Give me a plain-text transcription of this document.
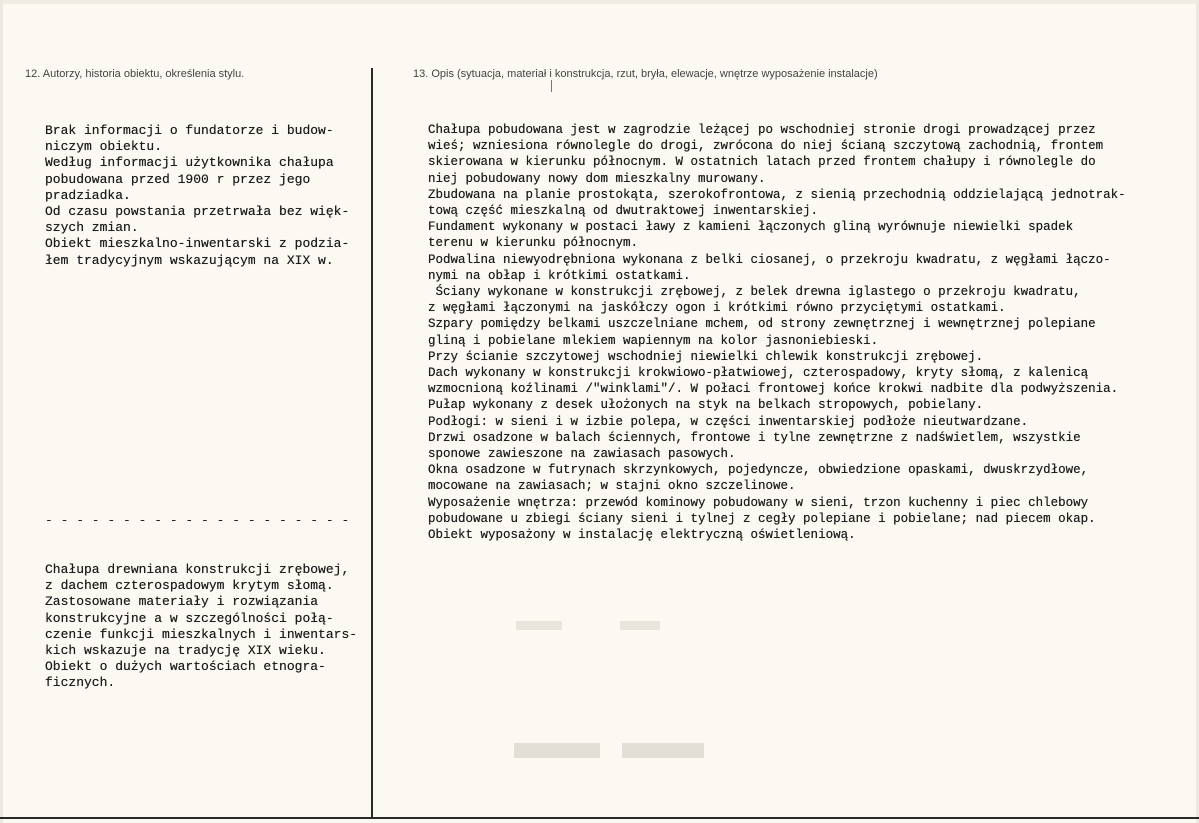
12. Autorzy, historia obiektu, określenia stylu.	13. Opis (sytuacja, materiał i konstrukcja, rzut, bryła, elewacje, wnętrze wyposażenie instalacje)
Brak informacji o fundatorze i budow-
niczym obiektu.
Według informacji użytkownika chałupa
pobudowana przed 1900 r przez jego
pradziadka.
Od czasu powstania przetrwała bez więk-
szych zmian.
Obiekt mieszkalno-inwentarski z podzia-
łem tradycyjnym wskazującym na XIX w.
- - - - - - - - - - - - - - - - - - - -
Chałupa drewniana konstrukcji zrębowej,
z dachem czterospadowym krytym słomą.
Zastosowane materiały i rozwiązania
konstrukcyjne a w szczególności połą-
czenie funkcji mieszkalnych i inwentars-
kich wskazuje na tradycję XIX wieku.
Obiekt o dużych wartościach etnogra-
ficznych.
Chałupa pobudowana jest w zagrodzie leżącej po wschodniej stronie drogi prowadzącej przez
wieś; wzniesiona równolegle do drogi, zwrócona do niej ścianą szczytową zachodnią, frontem
skierowana w kierunku północnym. W ostatnich latach przed frontem chałupy i równolegle do
niej pobudowany nowy dom mieszkalny murowany.
Zbudowana na planie prostokąta, szerokofrontowa, z sienią przechodnią oddzielającą jednotrak-
tową część mieszkalną od dwutraktowej inwentarskiej.
Fundament wykonany w postaci ławy z kamieni łączonych gliną wyrównuje niewielki spadek
terenu w kierunku północnym.
Podwalina niewyodrębniona wykonana z belki ciosanej, o przekroju kwadratu, z węgłami łączo-
nymi na obłap i krótkimi ostatkami.
Ściany wykonane w konstrukcji zrębowej, z belek drewna iglastego o przekroju kwadratu,
z węgłami łączonymi na jaskółczy ogon i krótkimi równo przyciętymi ostatkami.
Szpary pomiędzy belkami uszczelniane mchem, od strony zewnętrznej i wewnętrznej polepiane
gliną i pobielane mlekiem wapiennym na kolor jasnoniebieski.
Przy ścianie szczytowej wschodniej niewielki chlewik konstrukcji zrębowej.
Dach wykonany w konstrukcji krokwiowo-płatwiowej, czterospadowy, kryty słomą, z kalenicą
wzmocnioną koźlinami /"winklami"/. W połaci frontowej końce krokwi nadbite dla podwyższenia.
Pułap wykonany z desek ułożonych na styk na belkach stropowych, pobielany.
Podłogi: w sieni i w izbie polepa, w części inwentarskiej podłoże nieutwardzane.
Drzwi osadzone w balach ściennych, frontowe i tylne zewnętrzne z nadświetlem, wszystkie
sponowe zawieszone na zawiasach pasowych.
Okna osadzone w futrynach skrzynkowych, pojedyncze, obwiedzione opaskami, dwuskrzydłowe,
mocowane na zawiasach; w stajni okno szczelinowe.
Wyposażenie wnętrza: przewód kominowy pobudowany w sieni, trzon kuchenny i piec chlebowy
pobudowane u zbiegi ściany sieni i tylnej z cegły polepiane i pobielane; nad piecem okap.
Obiekt wyposażony w instalację elektryczną oświetleniową.
